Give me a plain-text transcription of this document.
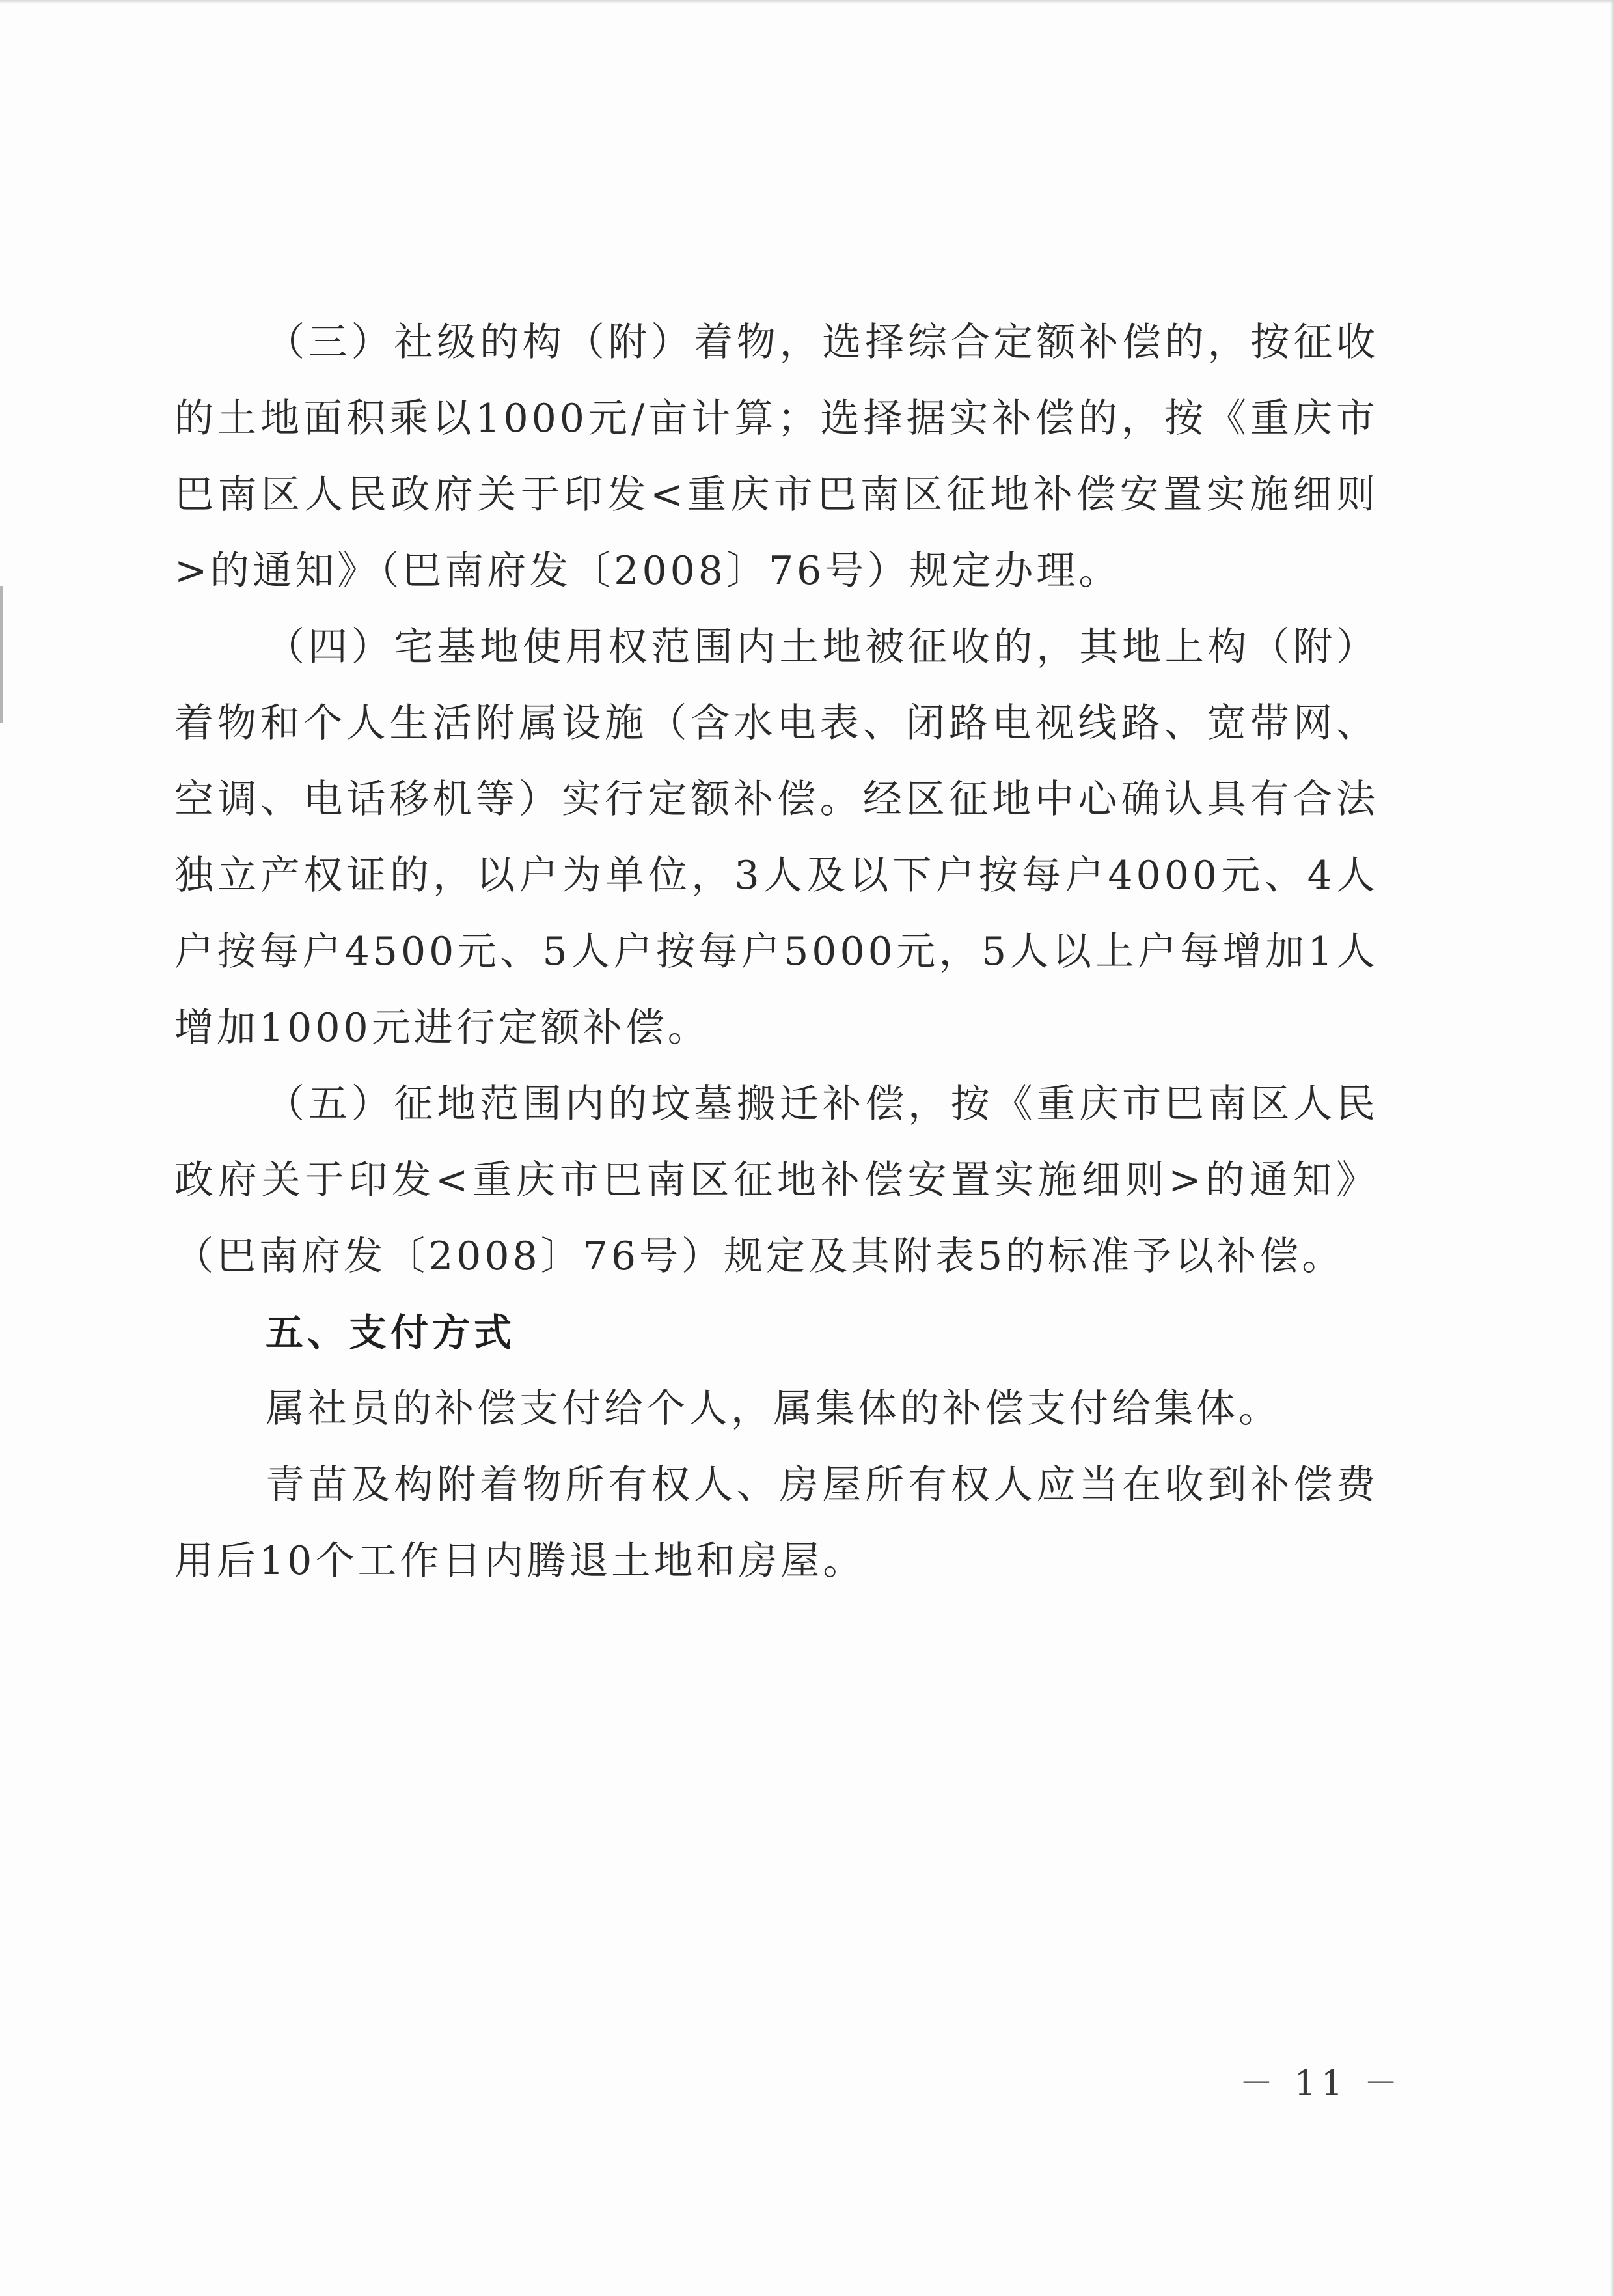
（三）社级的构（附）着物，选择综合定额补偿的，按征收的土地面积乘以1000元/亩计算；选择据实补偿的，按《重庆市巴南区人民政府关于印发<重庆市巴南区征地补偿安置实施细则>的通知》（巴南府发〔2008〕76号）规定办理。

（四）宅基地使用权范围内土地被征收的，其地上构（附）着物和个人生活附属设施（含水电表、闭路电视线路、宽带网、空调、电话移机等）实行定额补偿。经区征地中心确认具有合法独立产权证的，以户为单位，3人及以下户按每户4000元、4人户按每户4500元、5人户按每户5000元，5人以上户每增加1人增加1000元进行定额补偿。

（五）征地范围内的坟墓搬迁补偿，按《重庆市巴南区人民政府关于印发<重庆市巴南区征地补偿安置实施细则>的通知》（巴南府发〔2008〕76号）规定及其附表5的标准予以补偿。

五、支付方式

属社员的补偿支付给个人，属集体的补偿支付给集体。

青苗及构附着物所有权人、房屋所有权人应当在收到补偿费用后10个工作日内腾退土地和房屋。

－ 11 －
